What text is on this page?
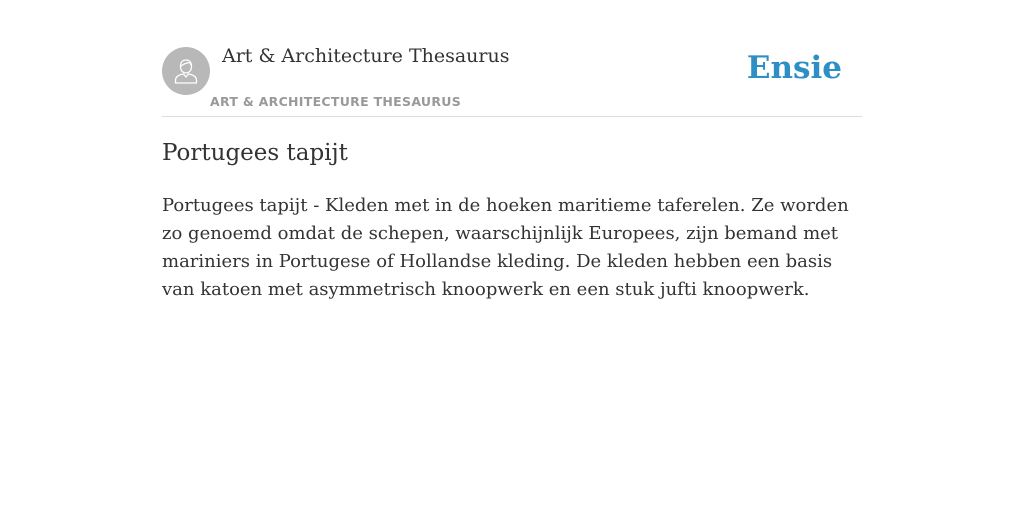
Art & Architecture Thesaurus
ART & ARCHITECTURE THESAURUS
Ensie
Portugees tapijt

Portugees tapijt - Kleden met in de hoeken maritieme taferelen. Ze worden zo genoemd omdat de schepen, waarschijnlijk Europees, zijn bemand met mariniers in Portugese of Hollandse kleding. De kleden hebben een basis van katoen met asymmetrisch knoopwerk en een stuk jufti knoopwerk.
